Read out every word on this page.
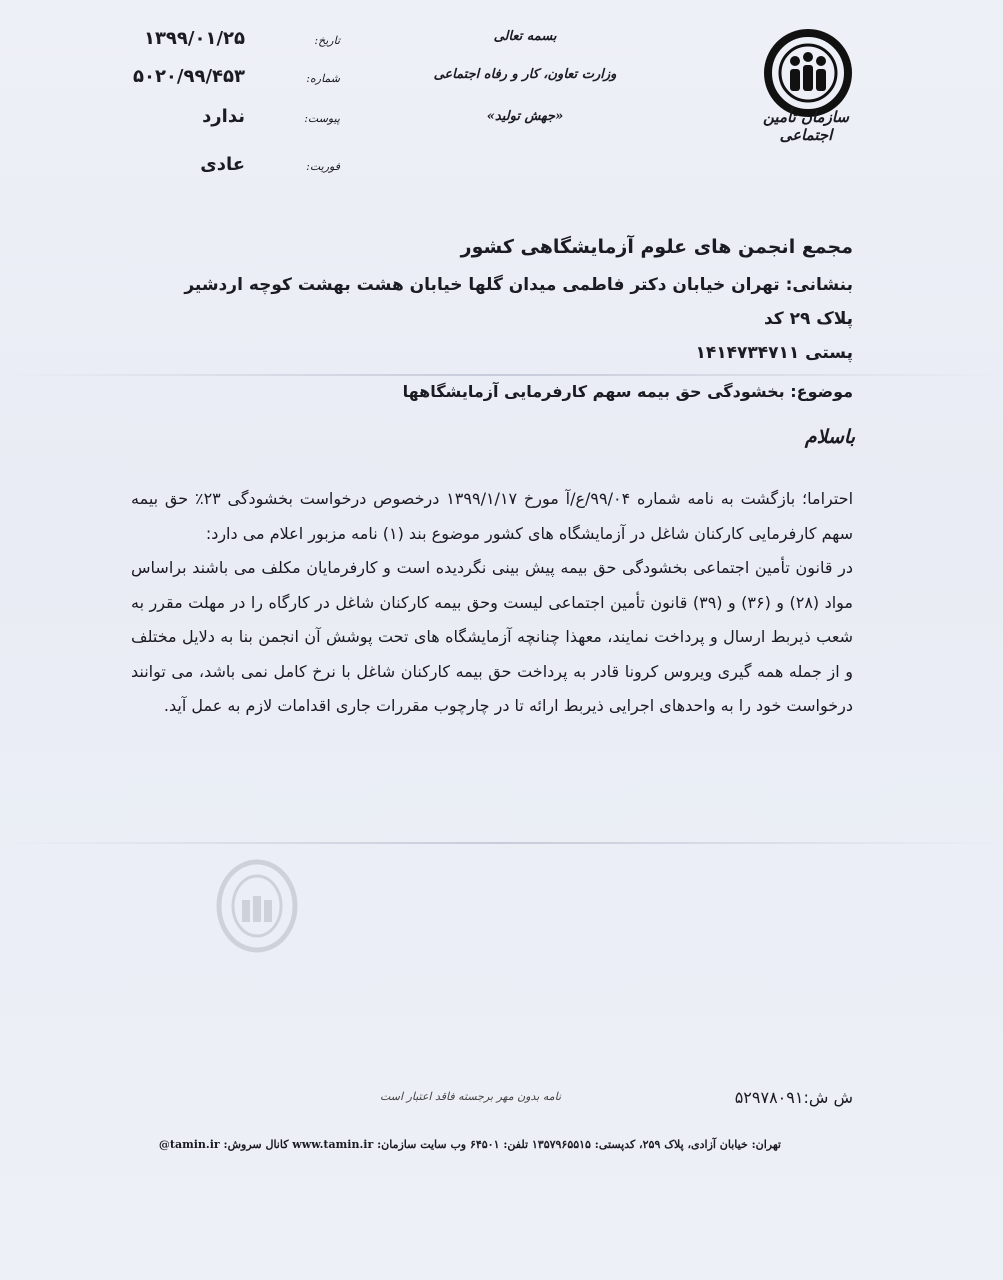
سازمان تأمین اجتماعی
بسمه تعالی
وزارت تعاون، کار و رفاه اجتماعی
«جهش تولید»
تاریخ:
۱۳۹۹/۰۱/۲۵
شماره:
۵۰۲۰/۹۹/۴۵۳
پیوست:
ندارد
فوریت:
عادی
مجمع انجمن های علوم آزمایشگاهی کشور
بنشانی: تهران خیابان دکتر فاطمی میدان گلها خیابان هشت بهشت کوچه اردشیر پلاک ۲۹ کد
پستی ۱۴۱۴۷۳۴۷۱۱
موضوع: بخشودگی حق بیمه سهم کارفرمایی آزمایشگاهها
باسلام

احتراما؛ بازگشت به نامه شماره ۹۹/۰۴/ع/آ مورخ ۱۳۹۹/۱/۱۷ درخصوص درخواست بخشودگی ۲۳٪ حق بیمه سهم کارفرمایی کارکنان شاغل در آزمایشگاه های کشور موضوع بند (۱) نامه مزبور اعلام می دارد:

در قانون تأمین اجتماعی بخشودگی حق بیمه پیش بینی نگردیده است و کارفرمایان مکلف می باشند براساس مواد (۲۸) و (۳۶) و (۳۹) قانون تأمین اجتماعی لیست وحق بیمه کارکنان شاغل در کارگاه را در مهلت مقرر به شعب ذیربط ارسال و پرداخت نمایند، معهذا چنانچه آزمایشگاه های تحت پوشش آن انجمن بنا به دلایل مختلف و از جمله همه گیری ویروس کرونا قادر به پرداخت حق بیمه کارکنان شاغل با نرخ کامل نمی باشد، می توانند درخواست خود را به واحدهای اجرایی ذیربط ارائه تا در چارچوب مقررات جاری اقدامات لازم به عمل آید.

نامه بدون مهر برجسته فاقد اعتبار است	ش ش:۵۲۹۷۸۰۹۱
تهران: خیابان آزادی، پلاک ۲۵۹، کدپستی: ۱۳۵۷۹۶۵۵۱۵ تلفن: ۶۴۵۰۱ وب سایت سازمان: www.tamin.ir کانال سروش: tamin.ir@
